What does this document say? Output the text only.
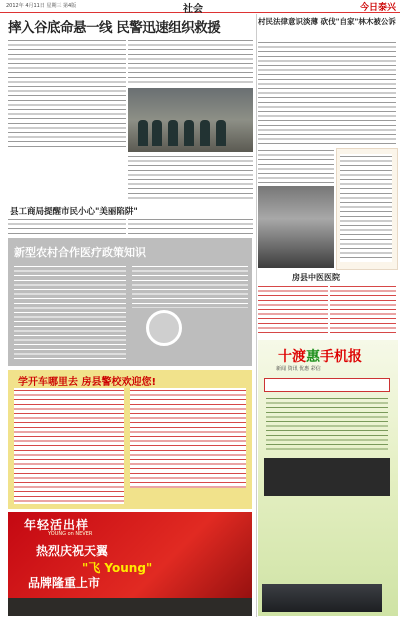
2012年 4月11日 星期三 第4版	社会	今日泰兴
摔入谷底命悬一线 民警迅速组织救援
县工商局提醒市民小心"美丽陷阱"
新型农村合作医疗政策知识
学开车哪里去 房县警校欢迎您!
年轻活出样
YOUNG on NEVER
热烈庆祝天翼
"飞 Young"
品牌隆重上市
村民法律意识淡薄 砍伐"自家"林木被公诉
房县中医医院
十渡惠手机报
新闻 资讯 优惠 彩信
